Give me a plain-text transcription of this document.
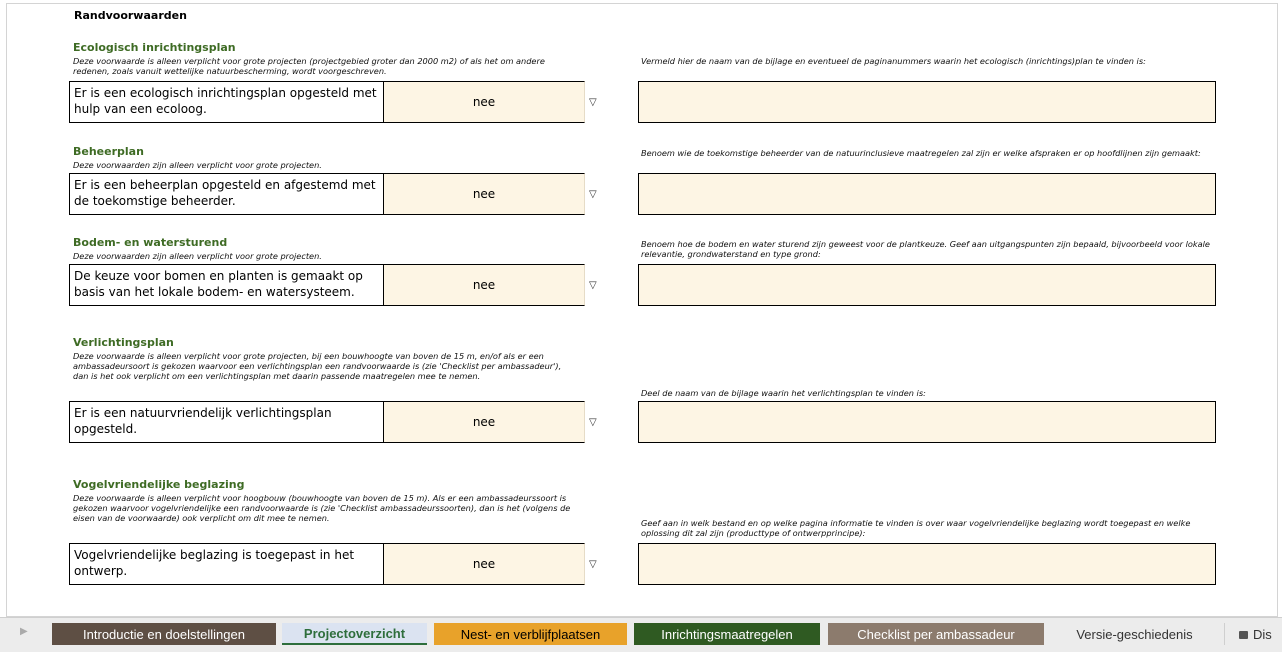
Randvoorwaarden
Ecologisch inrichtingsplan
Deze voorwaarde is alleen verplicht voor grote projecten (projectgebied groter dan 2000 m2) of als het om andere redenen, zoals vanuit wettelijke natuurbescherming, wordt voorgeschreven.
Er is een ecologisch inrichtingsplan opgesteld met hulp van een ecoloog.	nee	▽
Vermeld hier de naam van de bijlage en eventueel de paginanummers waarin het ecologisch (inrichtings)plan te vinden is:
Beheerplan
Deze voorwaarden zijn alleen verplicht voor grote projecten.
Er is een beheerplan opgesteld en afgestemd met de toekomstige beheerder.	nee	▽
Benoem wie de toekomstige beheerder van de natuurinclusieve maatregelen zal zijn er welke afspraken er op hoofdlijnen zijn gemaakt:
Bodem- en watersturend
Deze voorwaarden zijn alleen verplicht voor grote projecten.
De keuze voor bomen en planten is gemaakt op basis van het lokale bodem- en watersysteem.	nee	▽
Benoem hoe de bodem en water sturend zijn geweest voor de plantkeuze. Geef aan uitgangspunten zijn bepaald, bijvoorbeeld voor lokale relevantie, grondwaterstand en type grond:
Verlichtingsplan
Deze voorwaarde is alleen verplicht voor grote projecten, bij een bouwhoogte van boven de 15 m, en/of als er een ambassadeursoort is gekozen waarvoor een verlichtingsplan een randvoorwaarde is (zie 'Checklist per ambassadeur'), dan is het ook verplicht om een verlichtingsplan met daarin passende maatregelen mee te nemen.
Er is een natuurvriendelijk verlichtingsplan opgesteld.	nee	▽
Deel de naam van de bijlage waarin het verlichtingsplan te vinden is:
Vogelvriendelijke beglazing
Deze voorwaarde is alleen verplicht voor hoogbouw (bouwhoogte van boven de 15 m). Als er een ambassadeurssoort is gekozen waarvoor vogelvriendelijke een randvoorwaarde is (zie 'Checklist ambassadeurssoorten), dan is het (volgens de eisen van de voorwaarde) ook verplicht om dit mee te nemen.
Vogelvriendelijke beglazing is toegepast in het ontwerp.	nee	▽
Geef aan in welk bestand en op welke pagina informatie te vinden is over waar vogelvriendelijke beglazing wordt toegepast en welke oplossing dit zal zijn (producttype of ontwerpprincipe):
▶	Introductie en doelstellingen	Projectoverzicht	Nest- en verblijfplaatsen	Inrichtingsmaatregelen	Checklist per ambassadeur	Versie-geschiedenis	Dis
